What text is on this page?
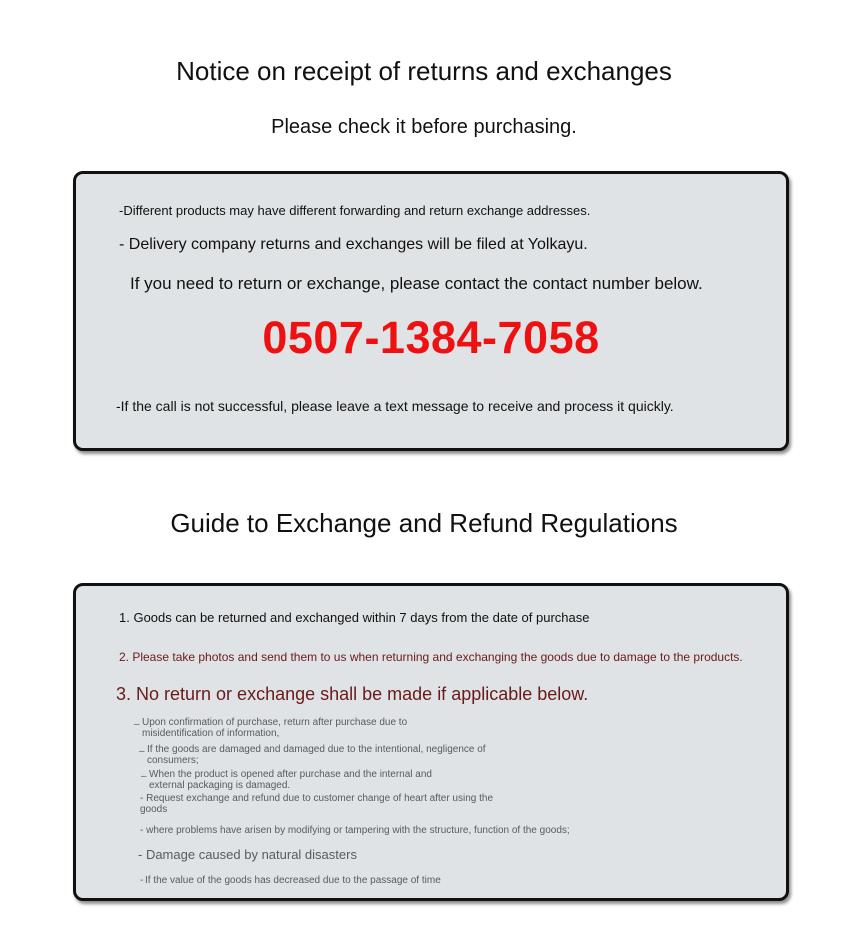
Notice on receipt of returns and exchanges
Please check it before purchasing.
-Different products may have different forwarding and return exchange addresses.
- Delivery company returns and exchanges will be filed at Yolkayu.
If you need to return or exchange, please contact the contact number below.
0507-1384-7058
-If the call is not successful, please leave a text message to receive and process it quickly.
Guide to Exchange and Refund Regulations
1. Goods can be returned and exchanged within 7 days from the date of purchase
2. Please take photos and send them to us when returning and exchanging the goods due to damage to the products.
3. No return or exchange shall be made if applicable below.
– Upon confirmation of purchase, return after purchase due to
misidentification of information,
– If the goods are damaged and damaged due to the intentional, negligence of
consumers;
– When the product is opened after purchase and the internal and
external packaging is damaged.
- Request exchange and refund due to customer change of heart after using the
goods
- where problems have arisen by modifying or tampering with the structure, function of the goods;
- Damage caused by natural disasters
- If the value of the goods has decreased due to the passage of time
